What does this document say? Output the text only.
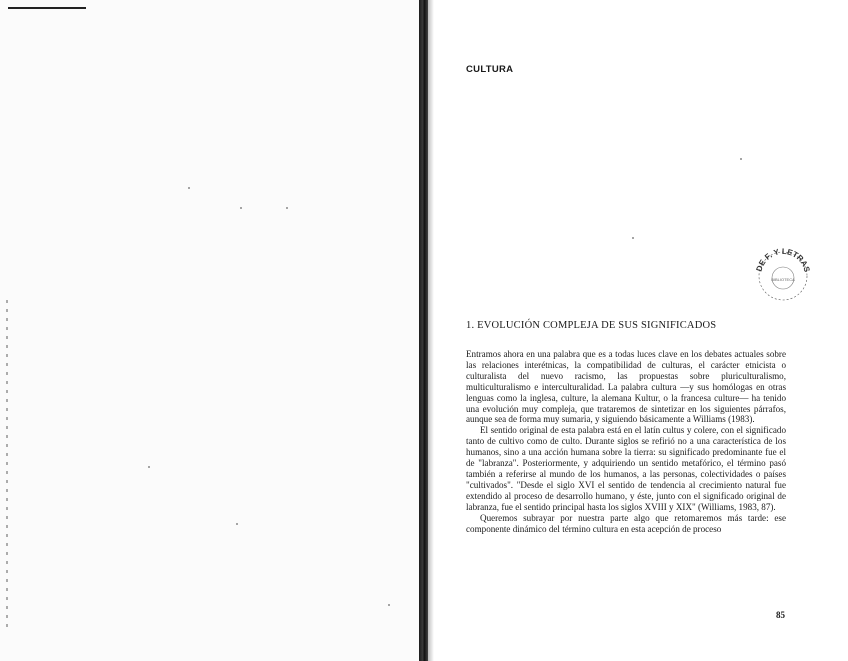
CULTURA
DE F. Y LETRAS
BIBLIOTECA
1. EVOLUCIÓN COMPLEJA DE SUS SIGNIFICADOS

Entramos ahora en una palabra que es a todas luces clave en los debates actuales sobre las relaciones interétnicas, la compatibilidad de culturas, el carácter etnicista o culturalista del nuevo racismo, las propuestas sobre pluriculturalismo, multiculturalismo e interculturalidad. La palabra cultura —y sus homólogas en otras lenguas como la inglesa, culture, la alemana Kultur, o la francesa culture— ha tenido una evolución muy compleja, que trataremos de sintetizar en los siguientes párrafos, aunque sea de forma muy sumaria, y siguiendo básicamente a Williams (1983).

El sentido original de esta palabra está en el latín cultus y colere, con el significado tanto de cultivo como de culto. Durante siglos se refirió no a una característica de los humanos, sino a una acción humana sobre la tierra: su significado predominante fue el de "labranza". Posteriormente, y adquiriendo un sentido metafórico, el término pasó también a referirse al mundo de los humanos, a las personas, colectividades o países "cultivados". "Desde el siglo XVI el sentido de tendencia al crecimiento natural fue extendido al proceso de desarrollo humano, y éste, junto con el significado original de labranza, fue el sentido principal hasta los siglos XVIII y XIX" (Williams, 1983, 87).

Queremos subrayar por nuestra parte algo que retomaremos más tarde: ese componente dinámico del término cultura en esta acepción de proceso

85
